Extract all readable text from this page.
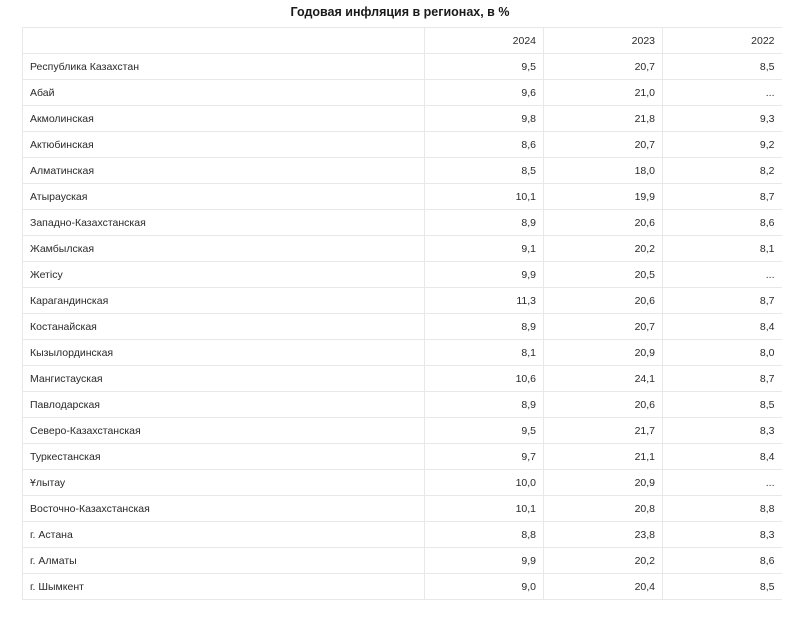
Годовая инфляция в регионах, в %
	2024	2023	2022
Республика Казахстан	9,5	20,7	8,5
Абай	9,6	21,0	...
Акмолинская	9,8	21,8	9,3
Актюбинская	8,6	20,7	9,2
Алматинская	8,5	18,0	8,2
Атырауская	10,1	19,9	8,7
Западно-Казахстанская	8,9	20,6	8,6
Жамбылская	9,1	20,2	8,1
Жетісу	9,9	20,5	...
Карагандинская	11,3	20,6	8,7
Костанайская	8,9	20,7	8,4
Кызылординская	8,1	20,9	8,0
Мангистауская	10,6	24,1	8,7
Павлодарская	8,9	20,6	8,5
Северо-Казахстанская	9,5	21,7	8,3
Туркестанская	9,7	21,1	8,4
Ұлытау	10,0	20,9	...
Восточно-Казахстанская	10,1	20,8	8,8
г. Астана	8,8	23,8	8,3
г. Алматы	9,9	20,2	8,6
г. Шымкент	9,0	20,4	8,5
